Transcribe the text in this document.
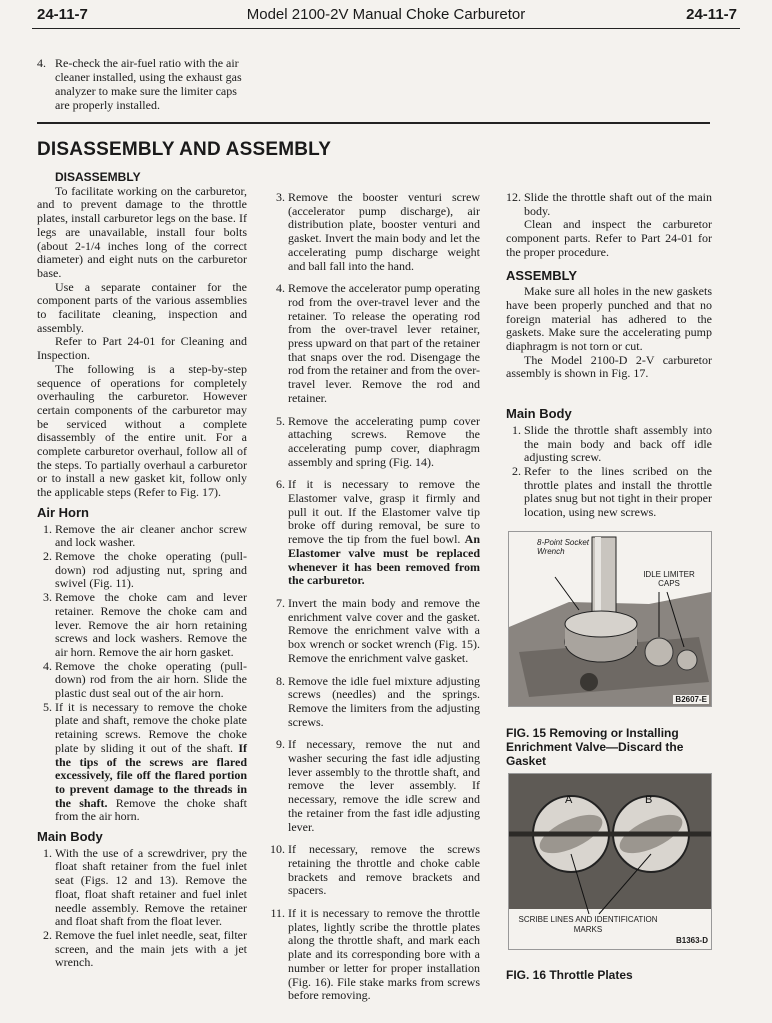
24-11-7	Model 2100-2V Manual Choke Carburetor	24-11-7
4. Re-check the air-fuel ratio with the air cleaner installed, using the exhaust gas analyzer to make sure the limiter caps are properly installed.
DISASSEMBLY AND ASSEMBLY

DISASSEMBLY

To facilitate working on the carburetor, and to prevent damage to the throttle plates, install carburetor legs on the base. If legs are unavailable, install four bolts (about 2-1/4 inches long of the correct diameter) and eight nuts on the carburetor base.

Use a separate container for the component parts of the various assemblies to facilitate cleaning, inspection and assembly.

Refer to Part 24-01 for Cleaning and Inspection.

The following is a step-by-step sequence of operations for completely overhauling the carburetor. However certain components of the carburetor may be serviced without a complete disassembly of the entire unit. For a complete carburetor overhaul, follow all of the steps. To partially overhaul a carburetor or to install a new gasket kit, follow only the applicable steps (Refer to Fig. 17).

Air Horn
1. Remove the air cleaner anchor screw and lock washer.
2. Remove the choke operating (pull-down) rod adjusting nut, spring and swivel (Fig. 11).
3. Remove the choke cam and lever retainer. Remove the choke cam and lever. Remove the air horn retaining screws and lock washers. Remove the air horn. Remove the air horn gasket.
4. Remove the choke operating (pull-down) rod from the air horn. Slide the plastic dust seal out of the air horn.
5. If it is necessary to remove the choke plate and shaft, remove the choke plate retaining screws. Remove the choke plate by sliding it out of the shaft. If the tips of the screws are flared excessively, file off the flared portion to prevent damage to the threads in the shaft. Remove the choke shaft from the air horn.
Main Body
1. With the use of a screwdriver, pry the float shaft retainer from the fuel inlet seat (Figs. 12 and 13). Remove the float, float shaft retainer and fuel inlet needle assembly. Remove the retainer and float shaft from the float lever.
2. Remove the fuel inlet needle, seat, filter screen, and the main jets with a jet wrench.
3. Remove the booster venturi screw (accelerator pump discharge), air distribution plate, booster venturi and gasket. Invert the main body and let the accelerating pump discharge weight and ball fall into the hand.
4. Remove the accelerator pump operating rod from the over-travel lever and the retainer. To release the operating rod from the over-travel lever retainer, press upward on that part of the retainer that snaps over the rod. Disengage the rod from the retainer and from the over-travel lever. Remove the rod and retainer.
5. Remove the accelerating pump cover attaching screws. Remove the accelerating pump cover, diaphragm assembly and spring (Fig. 14).
6. If it is necessary to remove the Elastomer valve, grasp it firmly and pull it out. If the Elastomer valve tip broke off during removal, be sure to remove the tip from the fuel bowl. An Elastomer valve must be replaced whenever it has been removed from the carburetor.
7. Invert the main body and remove the enrichment valve cover and the gasket. Remove the enrichment valve with a box wrench or socket wrench (Fig. 15). Remove the enrichment valve gasket.
8. Remove the idle fuel mixture adjusting screws (needles) and the springs. Remove the limiters from the adjusting screws.
9. If necessary, remove the nut and washer securing the fast idle adjusting lever assembly to the throttle shaft, and remove the lever assembly. If necessary, remove the idle screw and the retainer from the fast idle adjusting lever.
10. If necessary, remove the screws retaining the throttle and choke cable brackets and remove brackets and spacers.
11. If it is necessary to remove the throttle plates, lightly scribe the throttle plates along the throttle shaft, and mark each plate and its corresponding bore with a number or letter for proper installation (Fig. 16). File stake marks from screws before removing.
12. Slide the throttle shaft out of the main body.

Clean and inspect the carburetor component parts. Refer to Part 24-01 for the proper procedure.

ASSEMBLY

Make sure all holes in the new gaskets have been properly punched and that no foreign material has adhered to the gaskets. Make sure the accelerating pump diaphragm is not torn or cut.

The Model 2100-D 2-V carburetor assembly is shown in Fig. 17.

Main Body
1. Slide the throttle shaft assembly into the main body and back off idle adjusting screw.
2. Refer to the lines scribed on the throttle plates and install the throttle plates snug but not tight in their proper location, using new screws.
8-Point Socket Wrench
IDLE LIMITER CAPS
B2607-E
FIG. 15 Removing or Installing Enrichment Valve—Discard the Gasket
A	B
SCRIBE LINES AND IDENTIFICATION MARKS
B1363-D
FIG. 16 Throttle Plates
